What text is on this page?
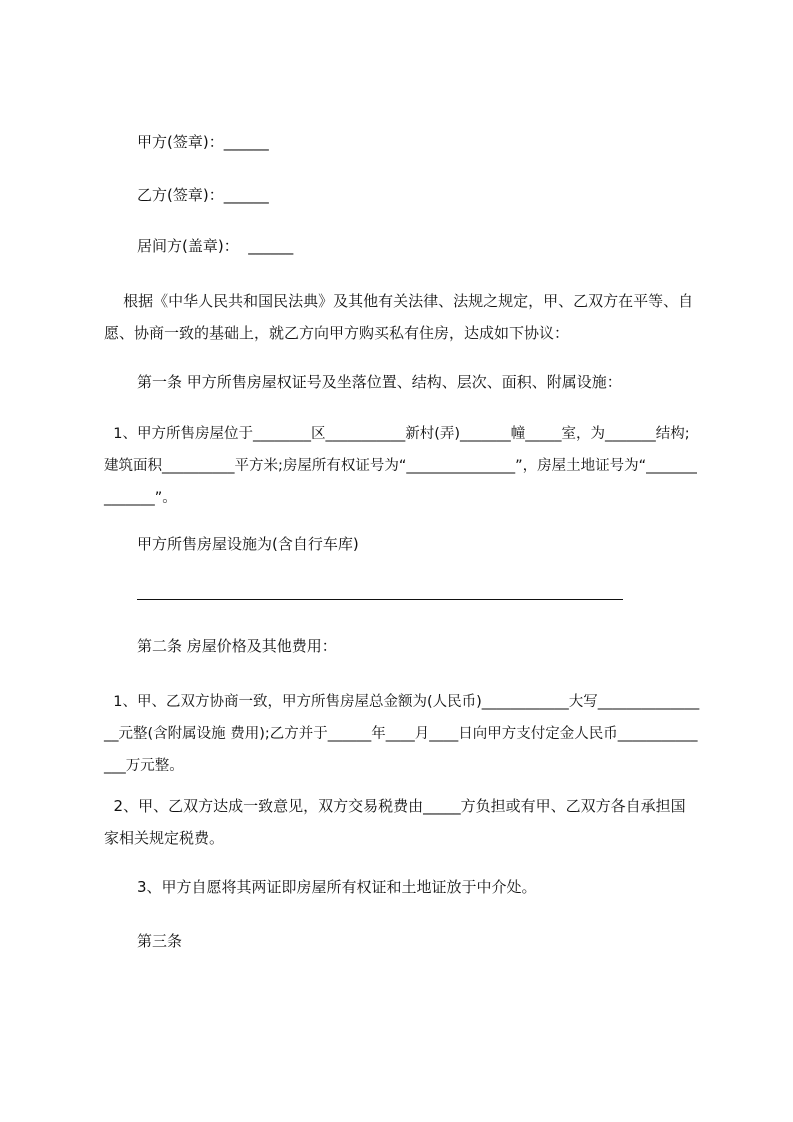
甲方(签章)：______

乙方(签章)：______

居间方(盖章)：  ______

根据《中华人民共和国民法典》及其他有关法律、法规之规定，甲、乙双方在平等、自愿、协商一致的基础上，就乙方向甲方购买私有住房，达成如下协议：

第一条 甲方所售房屋权证号及坐落位置、结构、层次、面积、附属设施：

1、甲方所售房屋位于________区___________新村(弄)_______幢_____室，为_______结构;建筑面积__________平方米;房屋所有权证号为“_______________”，房屋土地证号为“______________”。

甲方所售房屋设施为(含自行车库)

第二条 房屋价格及其他费用：

1、甲、乙双方协商一致，甲方所售房屋总金额为(人民币)____________大写________________元整(含附属设施 费用);乙方并于______年____月____日向甲方支付定金人民币______________万元整。

2、甲、乙双方达成一致意见，双方交易税费由_____方负担或有甲、乙双方各自承担国家相关规定税费。

3、甲方自愿将其两证即房屋所有权证和土地证放于中介处。

第三条
